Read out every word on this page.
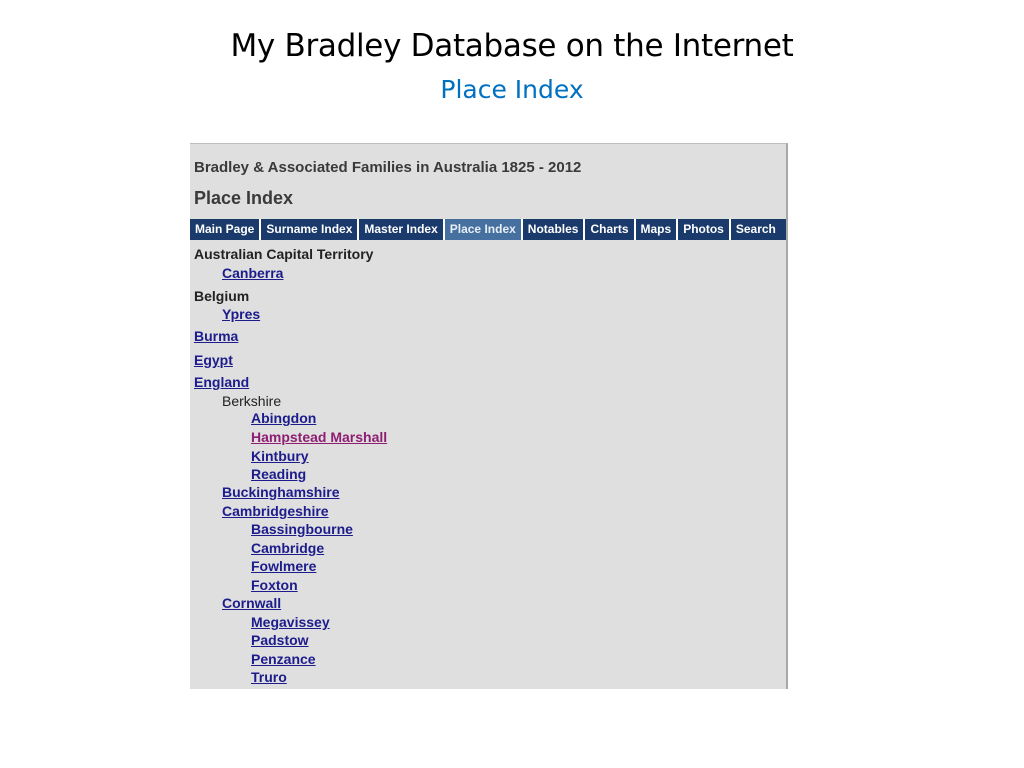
My Bradley Database on the Internet
Place Index
Bradley & Associated Families in Australia 1825 - 2012
Place Index
Main Page	Surname Index	Master Index	Place Index	Notables	Charts	Maps	Photos	Search
Australian Capital Territory
Canberra
Belgium
Ypres
Burma
Egypt
England
Berkshire
Abingdon
Hampstead Marshall
Kintbury
Reading
Buckinghamshire
Cambridgeshire
Bassingbourne
Cambridge
Fowlmere
Foxton
Cornwall
Megavissey
Padstow
Penzance
Truro
